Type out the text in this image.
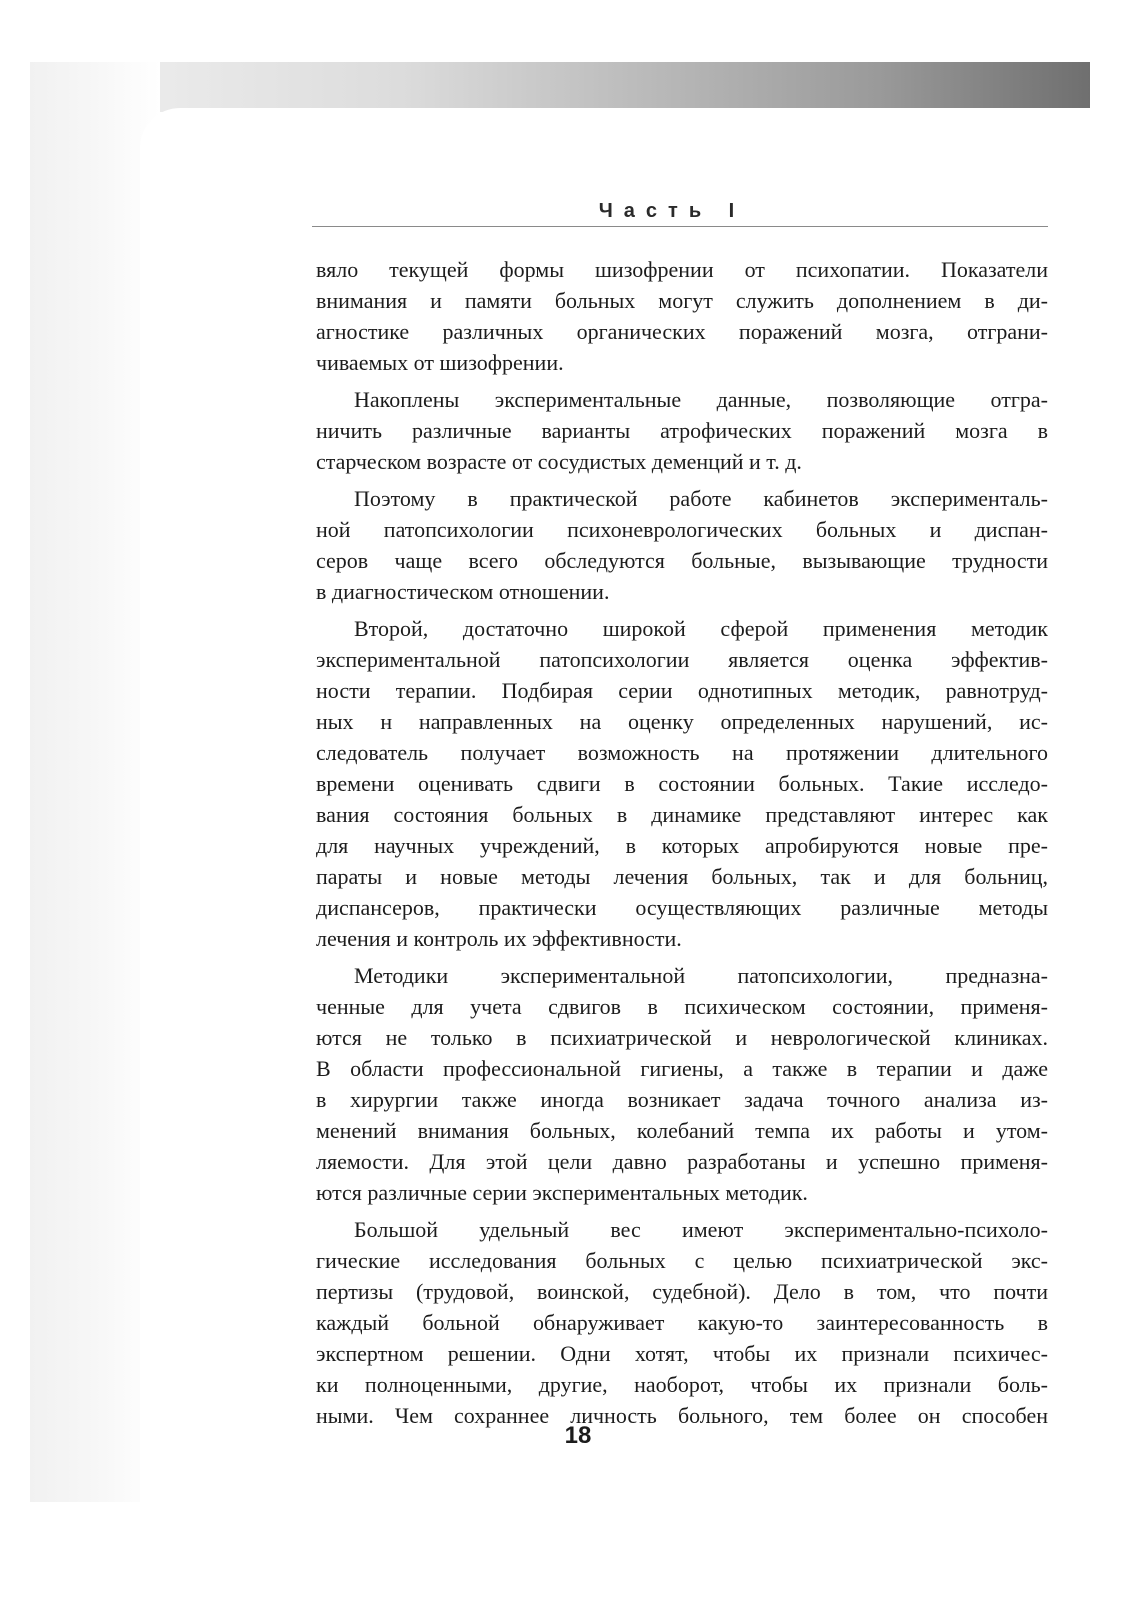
Часть I
вяло текущей формы шизофрении от психопатии. Показатели
внимания и памяти больных могут служить дополнением в ди-
агностике различных органических поражений мозга, отграни-
чиваемых от шизофрении.
Накоплены экспериментальные данные, позволяющие отгра-
ничить различные варианты атрофических поражений мозга в
старческом возрасте от сосудистых деменций и т. д.
Поэтому в практической работе кабинетов эксперименталь-
ной патопсихологии психоневрологических больных и диспан-
серов чаще всего обследуются больные, вызывающие трудности
в диагностическом отношении.
Второй, достаточно широкой сферой применения методик
экспериментальной патопсихологии является оценка эффектив-
ности терапии. Подбирая серии однотипных методик, равнотруд-
ных н направленных на оценку определенных нарушений, ис-
следователь получает возможность на протяжении длительного
времени оценивать сдвиги в состоянии больных. Такие исследо-
вания состояния больных в динамике представляют интерес как
для научных учреждений, в которых апробируются новые пре-
параты и новые методы лечения больных, так и для больниц,
диспансеров, практически осуществляющих различные методы
лечения и контроль их эффективности.
Методики экспериментальной патопсихологии, предназна-
ченные для учета сдвигов в психическом состоянии, применя-
ются не только в психиатрической и неврологической клиниках.
В области профессиональной гигиены, а также в терапии и даже
в хирургии также иногда возникает задача точного анализа из-
менений внимания больных, колебаний темпа их работы и утом-
ляемости. Для этой цели давно разработаны и успешно применя-
ются различные серии экспериментальных методик.
Большой удельный вес имеют экспериментально-психоло-
гические исследования больных с целью психиатрической экс-
пертизы (трудовой, воинской, судебной). Дело в том, что почти
каждый больной обнаруживает какую-то заинтересованность в
экспертном решении. Одни хотят, чтобы их признали психичес-
ки полноценными, другие, наоборот, чтобы их признали боль-
ными. Чем сохраннее личность больного, тем более он способен
18
